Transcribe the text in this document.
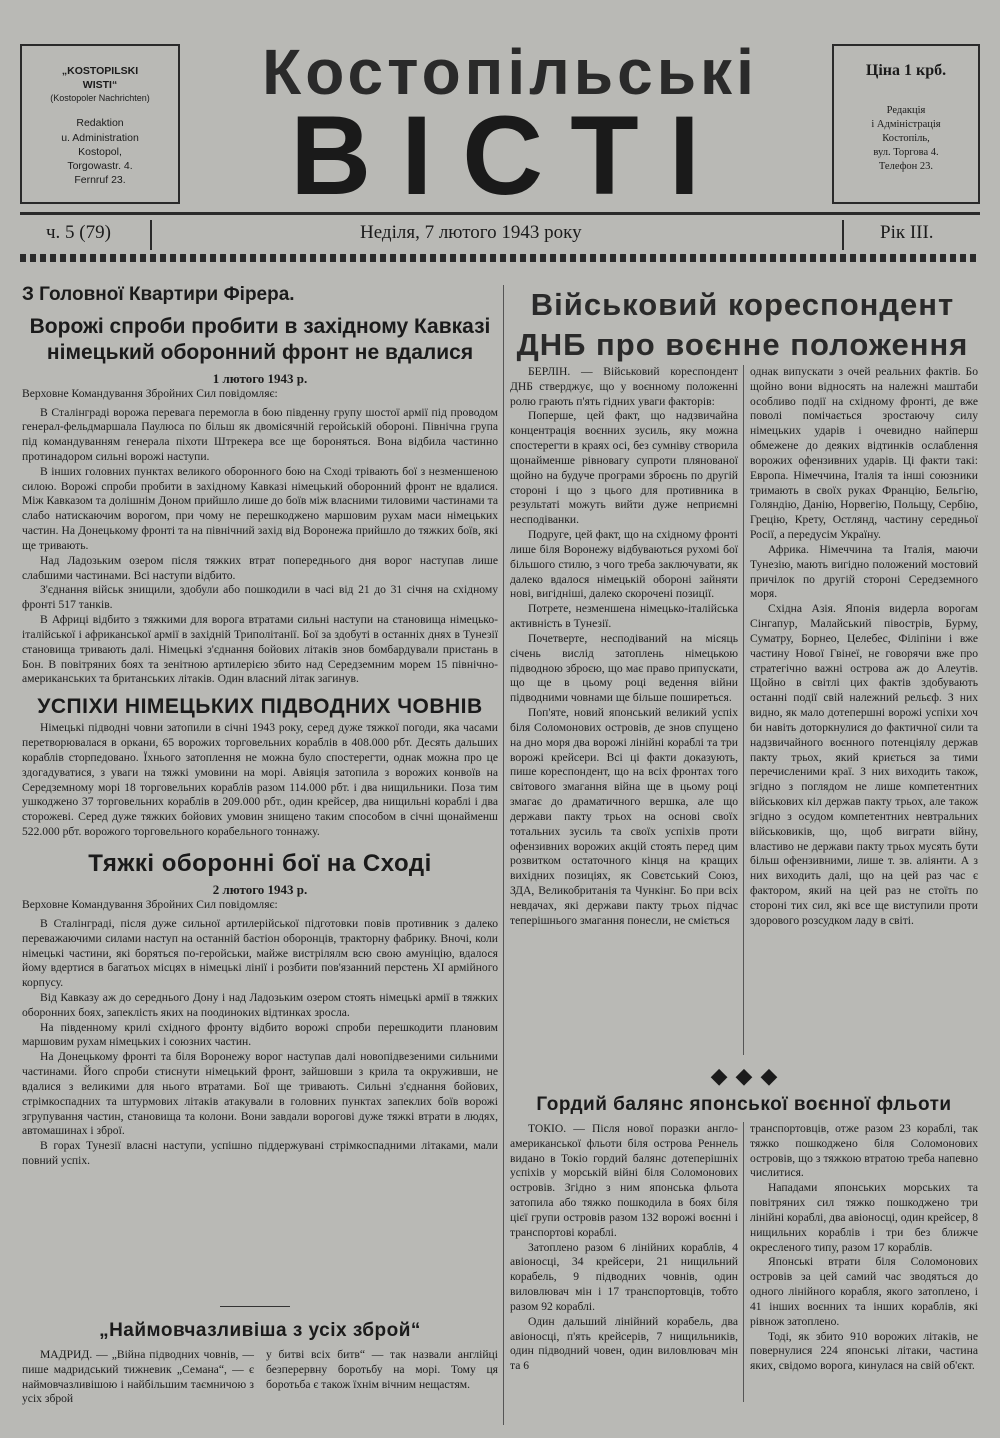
„KOSTOPILSKI
WISTI“
(Kostopoler Nachrichten)
Redaktion
u. Administration
Kostopol,
Torgowastr. 4.
Fernruf 23.
Костопільські
ВІСТІ
Ціна 1 крб.
Редакція
і Адміністрація
Костопіль,
вул. Торгова 4.
Телефон 23.
ч. 5 (79)	Неділя, 7 лютого 1943 року	Рік III.
З Головної Квартири Фірера.
Ворожі спроби пробити в західному Кавказі
німецький оборонний фронт не вдалися
1 лютого 1943 р.
Верховне Командування Збройних Сил повідомляє:

В Сталінграді ворожа перевага перемогла в бою південну групу шостої армії під проводом генерал-фельдмаршала Паулюса по більш як двомісячній геройській обороні. Північна група під командуванням генерала піхоти Штрекера все ще бороняться. Вона відбила частинно протинадором сильні ворожі наступи.

В інших головних пунктах великого оборонного бою на Сході трівають бої з незменшеною силою. Ворожі спроби пробити в західному Кавказі німецький оборонний фронт не вдалися. Між Кавказом та долішнім Доном прийшло лише до боїв між власними тиловими частинами та слабо натискаючим ворогом, при чому не перешкоджено маршовим рухам маси німецьких частин. На Донецькому фронті та на північний захід від Воронежа прийшло до тяжких боїв, які ще тривають.

Над Ладозьким озером після тяжких втрат попереднього дня ворог наступав лише слабшими частинами. Всі наступи відбито.

З'єднання військ знищили, здобули або пошкодили в часі від 21 до 31 січня на східному фронті 517 танків.

В Африці відбито з тяжкими для ворога втратами сильні наступи на становища німецько-італійської і африканської армії в західній Триполітанії. Бої за здобуті в останніх днях в Тунезії становища тривають далі. Німецькі з'єднання бойових літаків знов бомбардували пристань в Бон. В повітряних боях та зенітною артилерією збито над Середземним морем 15 північно-американських та британських літаків. Один власний літак загинув.

УСПІХИ НІМЕЦЬКИХ ПІДВОДНИХ ЧОВНІВ

Німецькі підводні човни затопили в січні 1943 року, серед дуже тяжкої погоди, яка часами перетворювалася в оркани, 65 ворожих торговельних кораблів в 408.000 рбт. Десять дальших кораблів сторпедовано. Їхнього затоплення не можна було спостерегти, однак можна про це здогадуватися, з уваги на тяжкі умовини на морі. Авіяція затопила з ворожих конвоїв на Середземному морі 18 торговельних кораблів разом 114.000 рбт. і два нищильники. Поза тим ушкоджено 37 торговельних кораблів в 209.000 рбт., один крейсер, два нищильні кораблі і два сторожеві. Серед дуже тяжких бойових умовин знищено таким способом в січні щонайменш 522.000 рбт. ворожого торговельного корабельного тоннажу.

Тяжкі оборонні бої на Сході
2 лютого 1943 р.
Верховне Командування Збройних Сил повідомляє:

В Сталінграді, після дуже сильної артилерійської підготовки повів противник з далеко переважаючими силами наступ на останній бастіон оборонців, тракторну фабрику. Вночі, коли німецькі частини, які боряться по-геройськи, майже вистрілялм всю свою амуніцію, вдалося йому вдертися в багатьох місцях в німецькі лінії і розбити пов'язанний перстень XI армійного корпусу.

Від Кавказу аж до середнього Дону і над Ладозьким озером стоять німецькі армії в тяжких оборонних боях, запеклість яких на поодиноких відтинках зросла.

На південному крилі східного фронту відбито ворожі спроби перешкодити плановим маршовим рухам німецьких і союзних частин.

На Донецькому фронті та біля Воронежу ворог наступав далі новопідвезеними сильними частинами. Його спроби стиснути німецький фронт, зайшовши з крила та окруживши, не вдалися з великими для нього втратами. Бої ще тривають. Сильні з'єднання бойових, стрімкоспадних та штурмових літаків атакували в головних пунктах запеклих боїв ворожі згрупування частин, становища та колони. Вони завдали ворогові дуже тяжкі втрати в людях, автомашинах і зброї.

В горах Тунезії власні наступи, успішно піддержувані стрімкоспадними літаками, мали повний успіх.

„Наймовчазливіша з усіх зброй“

МАДРИД. — „Війна підводних човнів, — пише мадридський тижневик „Семана“, — є наймовчазливішою і найбільшим таємничою з усіх зброй

у битві всіх битв“ — так назвали англійці безперервну боротьбу на морі. Тому ця боротьба є також їхнім вічним нещастям.

Військовий кореспондент
ДНБ про воєнне положення

БЕРЛІН. — Військовий кореспондент ДНБ стверджує, що у воєнному положенні ролю грають п'ять гідних уваги факторів:

Поперше, цей факт, що надзвичайна концентрація воєнних зусиль, яку можна спостерегти в краях осі, без сумніву створила щонайменше рівновагу супроти плянованої щойно на будуче програми зброєнь по другій стороні і що з цього для противника в результаті можуть вийти дуже неприємні несподіванки.

Подруге, цей факт, що на східному фронті лише біля Воронежу відбуваються рухомі бої більшого стилю, з чого треба заключувати, як далеко вдалося німецькій обороні зайняти нові, вигідніші, далеко скорочені позиції.

Потрете, незменшена німецько-італійська активність в Тунезії.

Почетверте, несподіваний на місяць січень вислід затоплень німецькою підводною зброєю, що має право припускати, що ще в цьому році ведення війни підводними човнами ще більше поширеться.

Поп'яте, новий японський великий успіх біля Соломонових островів, де знов спущено на дно моря два ворожі лінійні кораблі та три ворожі крейсери. Всі ці факти доказують, пише кореспондент, що на всіх фронтах того світового змагання війна ще в цьому році змагає до драматичного вершка, але що держави пакту трьох на основі своїх тотальних зусиль та своїх успіхів проти офензивних ворожих акцій стоять перед цим розвитком остаточного кінця на кращих вихідних позиціях, як Совєтський Союз, ЗДА, Великобританія та Чункінг. Бо при всіх невдачах, які держави пакту трьох підчас теперішнього змагання понесли, не сміється

однак випускати з очей реальних фактів. Бо щойно вони відносять на належні маштаби особливо події на східному фронті, де вже поволі помічається зростаючу силу німецьких ударів і очевидно найперш обмежене до деяких відтинків ослаблення ворожих офензивних ударів. Ці факти такі: Европа. Німеччина, Італія та інші союзники тримають в своїх руках Францію, Бельгію, Голяндію, Данію, Норвегію, Польщу, Сербію, Грецію, Крету, Остлянд, частину середньої Росії, а передусім Україну.

Африка. Німеччина та Італія, маючи Тунезію, мають вигідно положений мостовий причілок по другій стороні Середземного моря.

Східна Азія. Японія видерла ворогам Сінгапур, Малайський півострів, Бурму, Суматру, Борнео, Целебес, Філіпіни і вже частину Нової Гвінеї, не говорячи вже про стратегічно важні острова аж до Алеутів. Щойно в світлі цих фактів здобувають останні події свій належний рельєф. З них видно, як мало дотепершні ворожі успіхи хоч би навіть доторкнулися до фактичної сили та надзвичайного воєнного потенціялу держав пакту трьох, який криється за тими перечисленими краї. З них виходить також, згідно з поглядом не лише компетентних військових кіл держав пакту трьох, але також згідно з осудом компетентних невтральних військовиків, що, щоб виграти війну, властиво не держави пакту трьох мусять бути більш офензивними, лише т. зв. аліянти. А з них виходить далі, що на цей раз час є фактором, який на цей раз не стоїть по стороні тих сил, які все ще виступили проти здорового розсудком ладу в світі.

◆◆◆
Гордий балянс японської воєнної фльоти

ТОКІО. — Після нової поразки англо-американської фльоти біля острова Реннель видано в Токіо гордий балянс дотеперішніх успіхів у морській війні біля Соломонових островів. Згідно з ним японська фльота затопила або тяжко пошкодила в боях біля цієї групи островів разом 132 ворожі воєнні і транспортові кораблі.

Затоплено разом 6 лінійних кораблів, 4 авіоносці, 34 крейсери, 21 нищильний корабель, 9 підводних човнів, один виловлювач мін і 17 транспортовців, тобто разом 92 кораблі.

Один дальший лінійний корабель, два авіоносці, п'ять крейсерів, 7 нищильників, один підводний човен, один виловлювач мін та 6

транспортовців, отже разом 23 кораблі, так тяжко пошкоджено біля Соломонових островів, що з тяжкою втратою треба напевно числитися.

Нападами японських морських та повітряних сил тяжко пошкоджено три лінійні кораблі, два авіоносці, один крейсер, 8 нищильних кораблів і три без ближче окресленого типу, разом 17 кораблів.

Японські втрати біля Соломонових островів за цей самий час зводяться до одного лінійного корабля, якого затоплено, і 41 інших воєнних та інших кораблів, які рівнож затоплено.

Тоді, як збито 910 ворожих літаків, не повернулися 224 японські літаки, частина яких, свідомо ворога, кинулася на свій об'єкт.
